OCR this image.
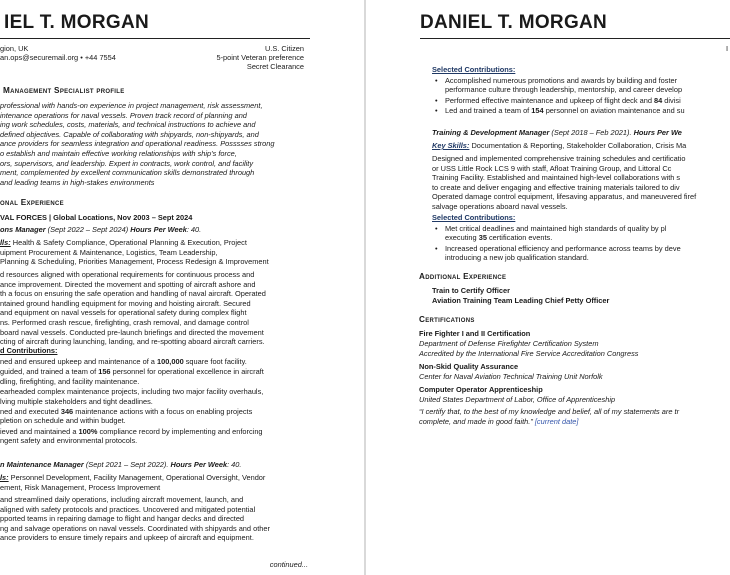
IEL T. MORGAN
gion, UK
an.ops@securemail.org • +44 7554
U.S. Citizen
5-point Veteran preference
Secret Clearance
Management Specialist profile

professional with hands-on experience in project management, risk assessment,

intenance operations for naval vessels. Proven track record of planning and

ing work schedules, costs, materials, and technical instructions to achieve and

defined objectives. Capable of collaborating with shipyards, non-shipyards, and

ance providers for seamless integration and operational readiness. Posssses strong

o establish and maintain effective working relationships with ship's force,

ors, supervisors, and leadership. Expert in contracts, work control, and facility

ment, complemented by excellent communication skills demonstrated through

and leading teams in high-stakes environments

onal Experience
VAL FORCES | Global Locations, Nov 2003 – Sept 2024
ons Manager (Sept 2022 – Sept 2024) Hours Per Week: 40.

lls: Health & Safety Compliance, Operational Planning & Execution, Project

uipment Procurement & Maintenance, Logistics, Team Leadership,

Planning & Scheduling, Priorities Management, Process Redesign & Improvement

d resources aligned with operational requirements for continuous process and

ance improvement. Directed the movement and spotting of aircraft ashore and

th a focus on ensuring the safe operation and handling of naval aircraft. Operated

ntained ground handling equipment for moving and hoisting aircraft. Secured

and equipment on naval vessels for operational safety during complex flight

ns. Performed crash rescue, firefighting, crash removal, and damage control

board naval vessels. Conducted pre-launch briefings and directed the movement

cting of aircraft during launching, landing, and re-spotting aboard aircraft carriers.

d Contributions:

ned and ensured upkeep and maintenance of a 100,000 square foot facility.

guided, and trained a team of 156 personnel for operational excellence in aircraft

dling, firefighting, and facility maintenance.

earheaded complex maintenance projects, including two major facility overhauls,

lving multiple stakeholders and tight deadlines.

ned and executed 346 maintenance actions with a focus on enabling projects

pletion on schedule and within budget.

ieved and maintained a 100% compliance record by implementing and enforcing

ngent safety and environmental protocols.

n Maintenance Manager (Sept 2021 – Sept 2022). Hours Per Week: 40.

ls: Personnel Development, Facility Management, Operational Oversight, Vendor

ement, Risk Management, Process Improvement

and streamlined daily operations, including aircraft movement, launch, and

aligned with safety protocols and practices. Uncovered and mitigated potential

pported teams in repairing damage to flight and hangar decks and directed

ng and salvage operations on naval vessels. Coordinated with shipyards and other

ance providers to ensure timely repairs and upkeep of aircraft and equipment.

continued...
DANIEL T. MORGAN
I
Selected Contributions:
• Accomplished numerous promotions and awards by building and foster

performance culture through leadership, mentorship, and career develop

• Performed effective maintenance and upkeep of flight deck and 84 divisi

• Led and trained a team of 154 personnel on aviation maintenance and su

Training & Development Manager (Sept 2018 – Feb 2021). Hours Per We
Key Skills: Documentation & Reporting, Stakeholder Collaboration, Crisis Ma

Designed and implemented comprehensive training schedules and certificatio

or USS Little Rock LCS 9 with staff, Afloat Training Group, and Littoral Cc

Training Facility. Established and maintained high-level collaborations with s

to create and deliver engaging and effective training materials tailored to div

Operated damage control equipment, lifesaving apparatus, and maneuvered firef

salvage operations aboard naval vessels.

Selected Contributions:
• Met critical deadlines and maintained high standards of quality by pl

executing 35 certification events.

• Increased operational efficiency and performance across teams by deve

introducing a new job qualification standard.

Additional Experience
Train to Certify Officer
Aviation Training Team Leading Chief Petty Officer
Certifications
Fire Fighter I and II Certification
Department of Defense Firefighter Certification System
Accredited by the International Fire Service Accreditation Congress
Non-Skid Quality Assurance
Center for Naval Aviation Technical Training Unit Norfolk
Computer Operator Apprenticeship
United States Department of Labor, Office of Apprenticeship
“I certify that, to the best of my knowledge and belief, all of my statements are tr
complete, and made in good faith.” [current date]
